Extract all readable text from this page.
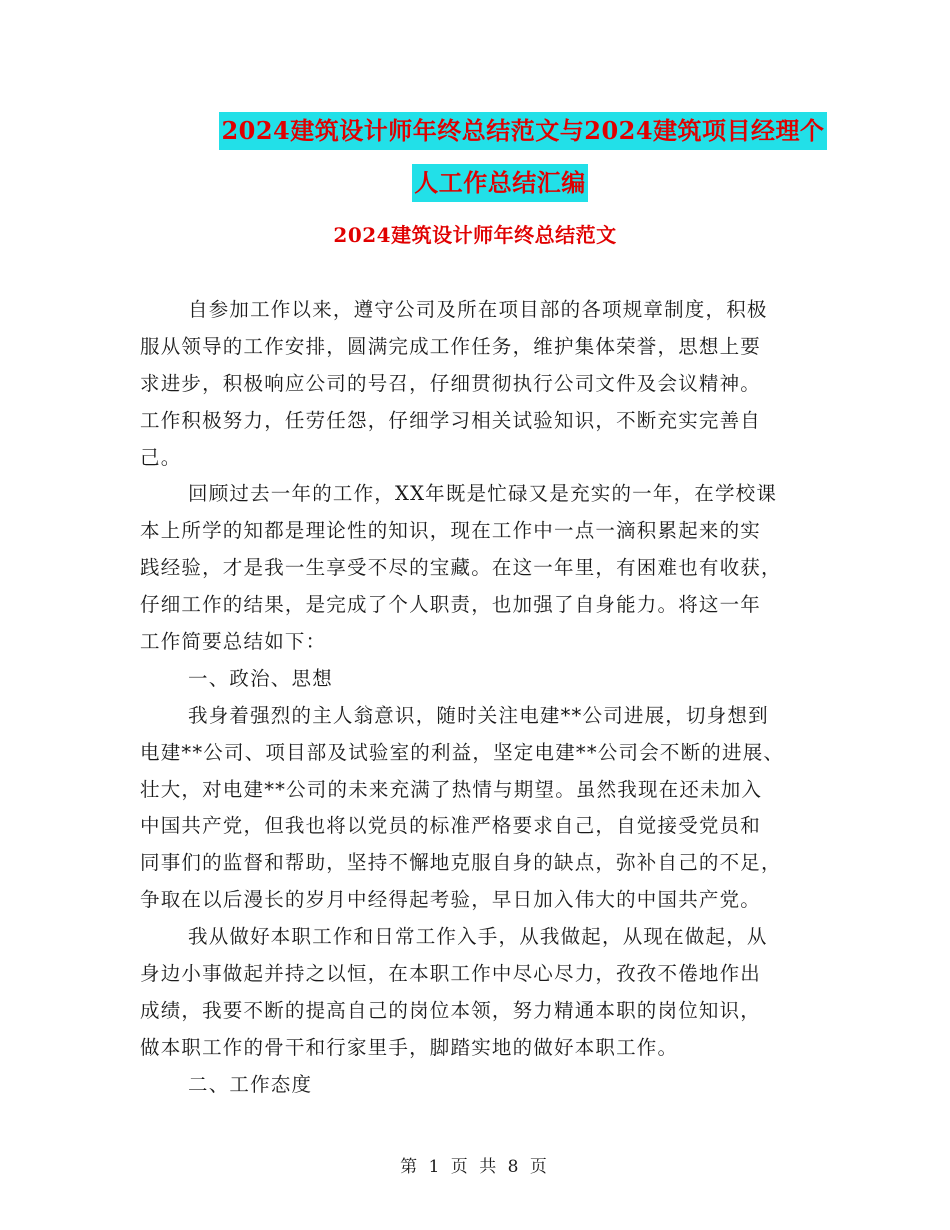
2024建筑设计师年终总结范文与2024建筑项目经理个
人工作总结汇编
2024建筑设计师年终总结范文
自参加工作以来，遵守公司及所在项目部的各项规章制度，积极
服从领导的工作安排，圆满完成工作任务，维护集体荣誉，思想上要
求进步，积极响应公司的号召，仔细贯彻执行公司文件及会议精神。
工作积极努力，任劳任怨，仔细学习相关试验知识，不断充实完善自
己。
回顾过去一年的工作，XX年既是忙碌又是充实的一年，在学校课
本上所学的知都是理论性的知识，现在工作中一点一滴积累起来的实
践经验，才是我一生享受不尽的宝藏。在这一年里，有困难也有收获，
仔细工作的结果，是完成了个人职责，也加强了自身能力。将这一年
工作简要总结如下：
一、政治、思想
我身着强烈的主人翁意识，随时关注电建**公司进展，切身想到
电建**公司、项目部及试验室的利益，坚定电建**公司会不断的进展、
壮大，对电建**公司的未来充满了热情与期望。虽然我现在还未加入
中国共产党，但我也将以党员的标准严格要求自己，自觉接受党员和
同事们的监督和帮助，坚持不懈地克服自身的缺点，弥补自己的不足，
争取在以后漫长的岁月中经得起考验，早日加入伟大的中国共产党。
我从做好本职工作和日常工作入手，从我做起，从现在做起，从
身边小事做起并持之以恒，在本职工作中尽心尽力，孜孜不倦地作出
成绩，我要不断的提高自己的岗位本领，努力精通本职的岗位知识，
做本职工作的骨干和行家里手，脚踏实地的做好本职工作。
二、工作态度
第 1 页 共 8 页
